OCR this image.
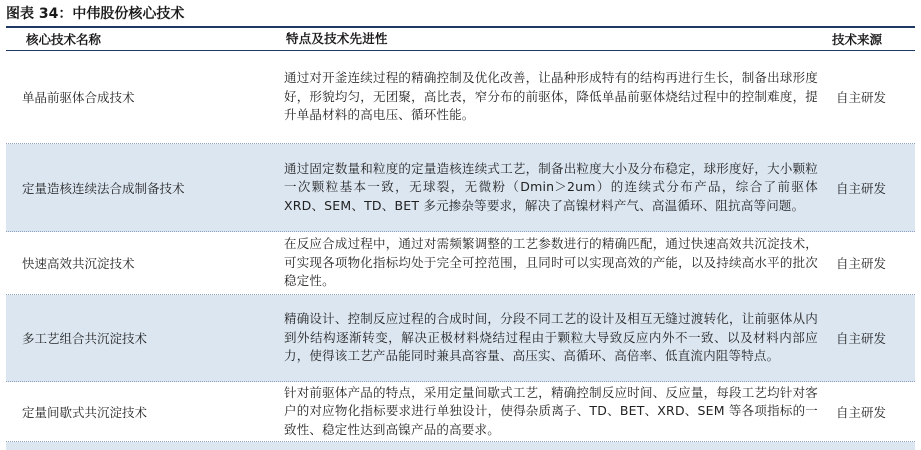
图表 34：中伟股份核心技术
核心技术名称	特点及技术先进性	技术来源
单晶前驱体合成技术
通过对开釜连续过程的精确控制及优化改善，让晶种形成特有的结构再进行生长，制备出球形度好，形貌均匀，无团聚，高比表，窄分布的前驱体，降低单晶前驱体烧结过程中的控制难度，提升单晶材料的高电压、循环性能。
自主研发
定量造核连续法合成制备技术
通过固定数量和粒度的定量造核连续式工艺，制备出粒度大小及分布稳定，球形度好，大小颗粒一次颗粒基本一致，无球裂，无微粉（Dmin＞2um）的连续式分布产品，综合了前驱体 XRD、SEM、TD、BET 多元掺杂等要求，解决了高镍材料产气、高温循环、阻抗高等问题。
自主研发
快速高效共沉淀技术
在反应合成过程中，通过对需频繁调整的工艺参数进行的精确匹配，通过快速高效共沉淀技术，可实现各项物化指标均处于完全可控范围，且同时可以实现高效的产能，以及持续高水平的批次稳定性。
自主研发
多工艺组合共沉淀技术
精确设计、控制反应过程的合成时间，分段不同工艺的设计及相互无缝过渡转化，让前驱体从内到外结构逐渐转变，解决正极材料烧结过程由于颗粒大导致反应内外不一致、以及材料内部应力，使得该工艺产品能同时兼具高容量、高压实、高循环、高倍率、低直流内阻等特点。
自主研发
定量间歇式共沉淀技术
针对前驱体产品的特点，采用定量间歇式工艺，精确控制反应时间、反应量，每段工艺均针对客户的对应物化指标要求进行单独设计，使得杂质离子、TD、BET、XRD、SEM 等各项指标的一致性、稳定性达到高镍产品的高要求。
自主研发
